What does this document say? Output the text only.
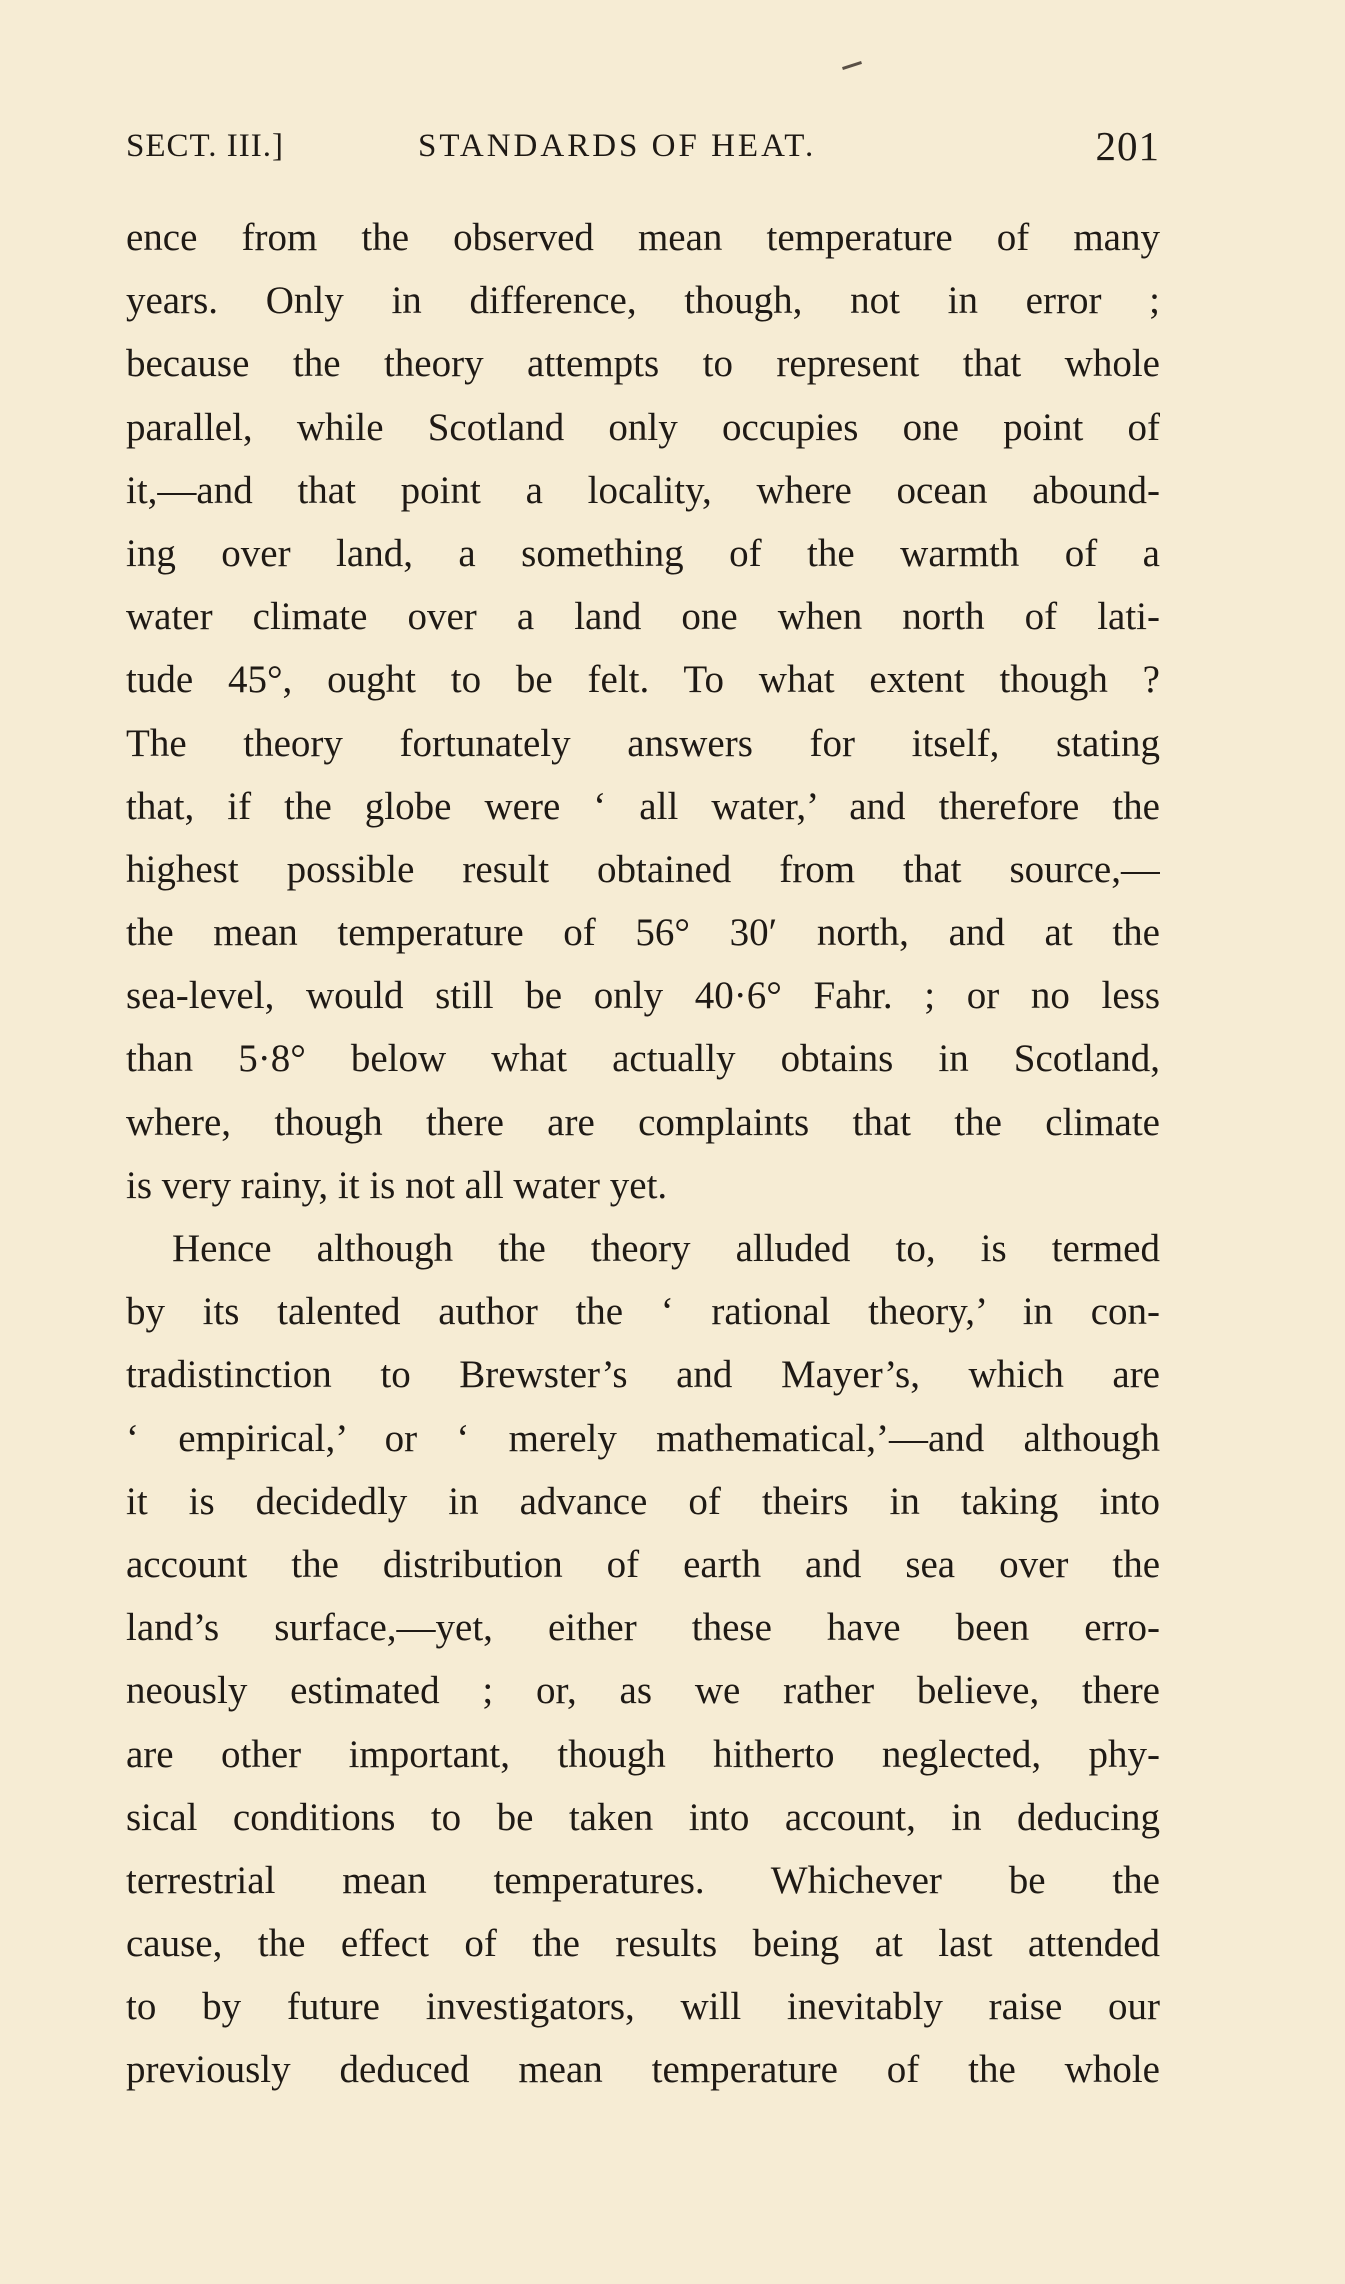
SECT. III.]	STANDARDS OF HEAT.	201
ence from the observed mean temperature of many
years. Only in difference, though, not in error ;
because the theory attempts to represent that whole
parallel, while Scotland only occupies one point of
it,—and that point a locality, where ocean abound-
ing over land, a something of the warmth of a
water climate over a land one when north of lati-
tude 45°, ought to be felt. To what extent though ?
The theory fortunately answers for itself, stating
that, if the globe were ‘ all water,’ and therefore the
highest possible result obtained from that source,—
the mean temperature of 56° 30′ north, and at the
sea-level, would still be only 40·6° Fahr. ; or no less
than 5·8° below what actually obtains in Scotland,
where, though there are complaints that the climate
is very rainy, it is not all water yet.
Hence although the theory alluded to, is termed
by its talented author the ‘ rational theory,’ in con-
tradistinction to Brewster’s and Mayer’s, which are
‘ empirical,’ or ‘ merely mathematical,’—and although
it is decidedly in advance of theirs in taking into
account the distribution of earth and sea over the
land’s surface,—yet, either these have been erro-
neously estimated ; or, as we rather believe, there
are other important, though hitherto neglected, phy-
sical conditions to be taken into account, in deducing
terrestrial mean temperatures. Whichever be the
cause, the effect of the results being at last attended
to by future investigators, will inevitably raise our
previously deduced mean temperature of the whole
